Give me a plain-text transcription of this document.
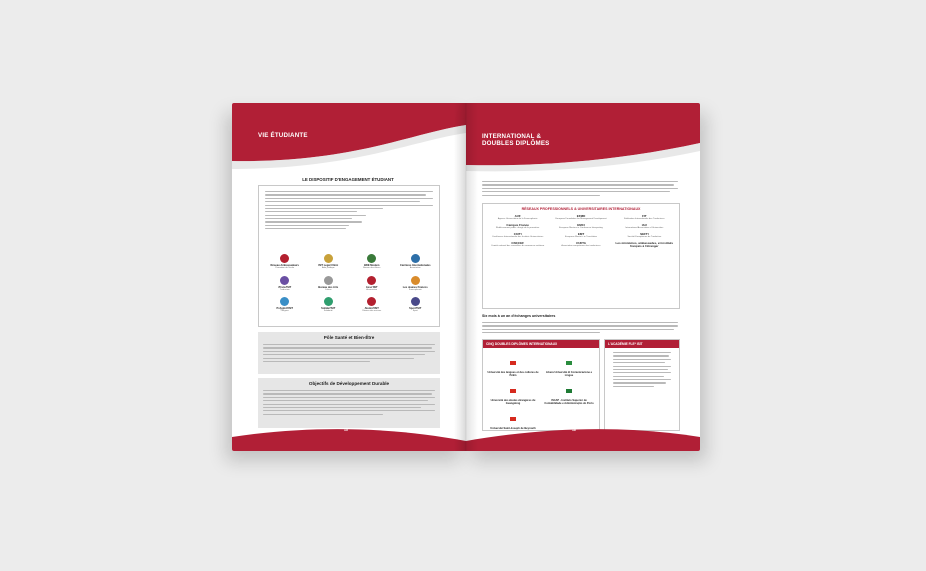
VIE ÉTUDIANTE
LE DISPOSITIF D'ENGAGEMENT ÉTUDIANT
Réseau Ambassadeurs
Promotion de l'école
ISIT Legal Clinic
Aide juridique
BDE Modem
Bureau des élèves
Carrières Internationales
Association
iTrans'ISIT
Traduction
Bureau des Arts
Culture
Asso'ISIT
Association
Les Jeunes Francos
Francophonie
Polyglott'ISIT
Langues
Solidar'ISIT
Solidarité
Alumni'ISIT
Réseau des anciens
Sport'ISIT
Sport
Pôle Santé et Bien-Être
Objectifs de Développement Durable
15
INTERNATIONAL &
DOUBLES DIPLÔMES
RÉSEAUX PROFESSIONNELS & UNIVERSITAIRES INTERNATIONAUX
AUF
Agence Universitaire de la Francophonie
EFMD
European Foundation for Management Development
FIT
Fédération Internationale des Traducteurs
Campus France
Établissement public chargé de la promotion
EMCI
European Masters in Conference Interpreting
IAU
International Association of Universities
CIUTI
Conférence Internationale des Instituts Universitaires
EMT
European Master's in Translation
SEFTI
Société Européenne de Traduction
CNCCEF
Comité national des conseillers du commerce extérieur
CUIITA
Association européenne des traducteurs
Les ministères, ambassades, et instituts français à l'étranger
Six mois à un an d'échanges universitaires
CINQ DOUBLES DIPLÔMES INTERNATIONAUX
Université des langues et des cultures de Pékin
Libera Università di Comunicazione e Lingue
Université des études étrangères du Guangdong
ISCAP - Instituto Superior de Contabilidade e Administração do Porto
Université Saint-Joseph de Beyrouth
L'ACADÉMIE FLE* ISIT
16
